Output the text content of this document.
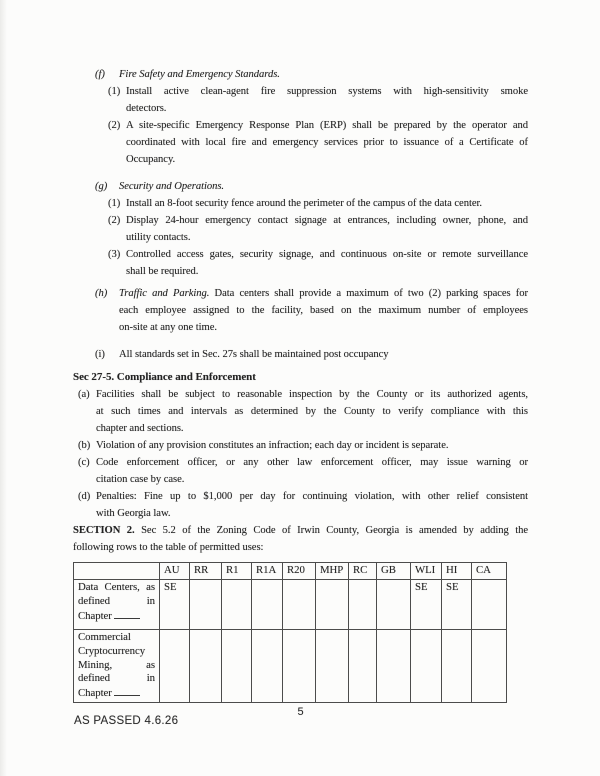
(f)	Fire Safety and Emergency Standards.
(1) Install active clean-agent fire suppression systems with high-sensitivity smoke
detectors.
(2) A site-specific Emergency Response Plan (ERP) shall be prepared by the operator and
coordinated with local fire and emergency services prior to issuance of a Certificate of
Occupancy.
(g)	Security and Operations.
(1) Install an 8-foot security fence around the perimeter of the campus of the data center.
(2) Display 24-hour emergency contact signage at entrances, including owner, phone, and
utility contacts.
(3) Controlled access gates, security signage, and continuous on-site or remote surveillance
shall be required.
(h)	Traffic and Parking. Data centers shall provide a maximum of two (2) parking spaces for
each employee assigned to the facility, based on the maximum number of employees
on-site at any one time.
(i)	All standards set in Sec. 27s shall be maintained post occupancy
Sec 27-5. Compliance and Enforcement
(a) Facilities shall be subject to reasonable inspection by the County or its authorized agents,
at such times and intervals as determined by the County to verify compliance with this
chapter and sections.
(b) Violation of any provision constitutes an infraction; each day or incident is separate.
(c) Code enforcement officer, or any other law enforcement officer, may issue warning or
citation case by case.
(d) Penalties: Fine up to $1,000 per day for continuing violation, with other relief consistent
with Georgia law.
SECTION 2. Sec 5.2 of the Zoning Code of Irwin County, Georgia is amended by adding the
following rows to the table of permitted uses:
	AU	RR	R1	R1A	R20	MHP	RC	GB	WLI	HI	CA
Data Centers, as defined in Chapter	SE								SE	SE	
Commercial Cryptocurrency Mining, as defined in Chapter											
5
AS PASSED 4.6.26
